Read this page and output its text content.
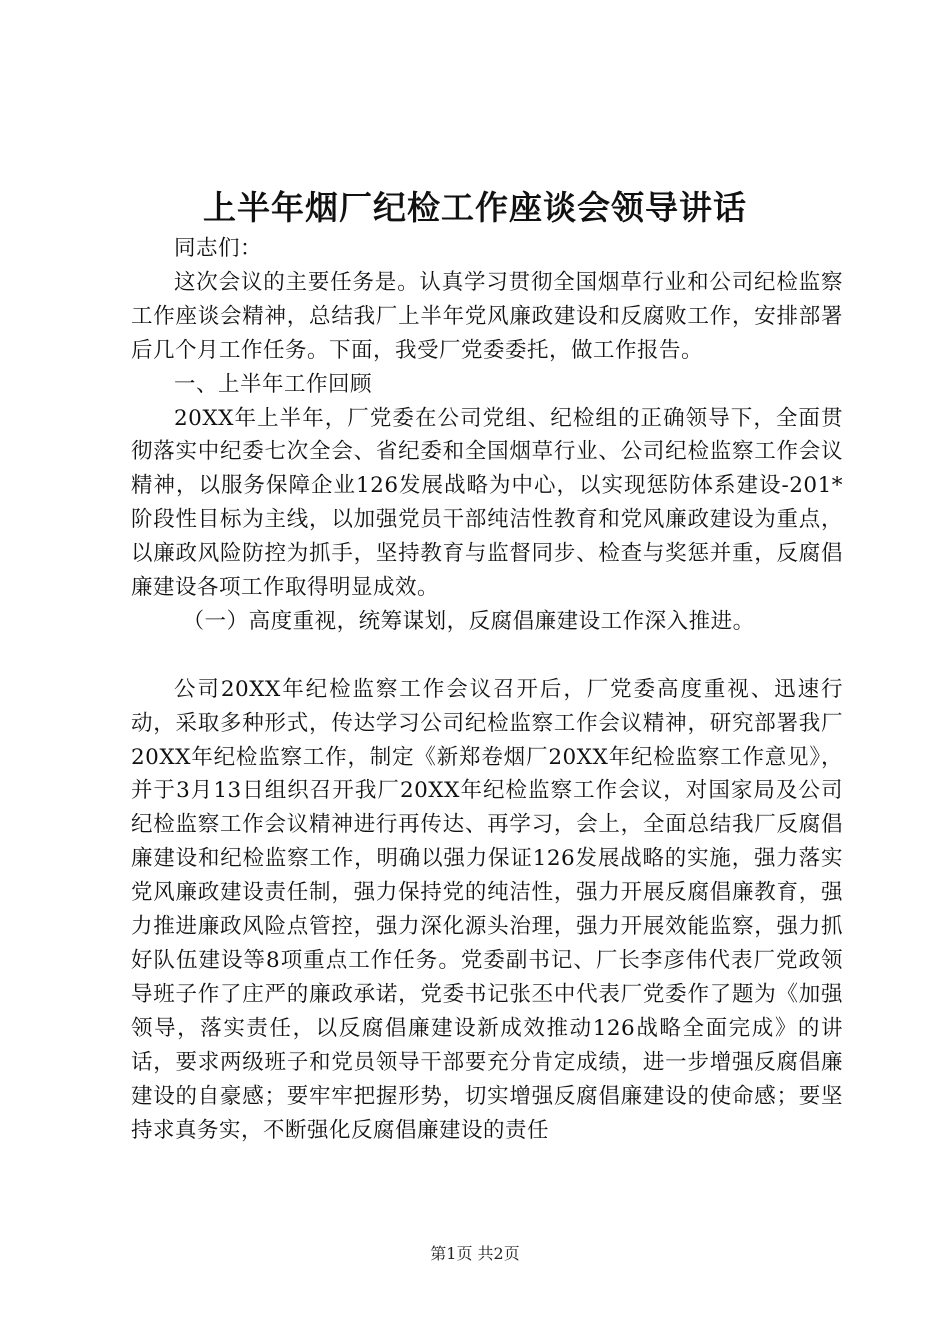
上半年烟厂纪检工作座谈会领导讲话

同志们：

这次会议的主要任务是。认真学习贯彻全国烟草行业和公司纪检监察工作座谈会精神，总结我厂上半年党风廉政建设和反腐败工作，安排部署后几个月工作任务。下面，我受厂党委委托，做工作报告。

一、上半年工作回顾

20XX年上半年，厂党委在公司党组、纪检组的正确领导下，全面贯彻落实中纪委七次全会、省纪委和全国烟草行业、公司纪检监察工作会议精神，以服务保障企业126发展战略为中心，以实现惩防体系建设-201*阶段性目标为主线，以加强党员干部纯洁性教育和党风廉政建设为重点，以廉政风险防控为抓手，坚持教育与监督同步、检查与奖惩并重，反腐倡廉建设各项工作取得明显成效。

（一）高度重视，统筹谋划，反腐倡廉建设工作深入推进。

公司20XX年纪检监察工作会议召开后，厂党委高度重视、迅速行动，采取多种形式，传达学习公司纪检监察工作会议精神，研究部署我厂20XX年纪检监察工作，制定《新郑卷烟厂20XX年纪检监察工作意见》，并于3月13日组织召开我厂20XX年纪检监察工作会议，对国家局及公司纪检监察工作会议精神进行再传达、再学习，会上，全面总结我厂反腐倡廉建设和纪检监察工作，明确以强力保证126发展战略的实施，强力落实党风廉政建设责任制，强力保持党的纯洁性，强力开展反腐倡廉教育，强力推进廉政风险点管控，强力深化源头治理，强力开展效能监察，强力抓好队伍建设等8项重点工作任务。党委副书记、厂长李彦伟代表厂党政领导班子作了庄严的廉政承诺，党委书记张丕中代表厂党委作了题为《加强领导，落实责任，以反腐倡廉建设新成效推动126战略全面完成》的讲话，要求两级班子和党员领导干部要充分肯定成绩，进一步增强反腐倡廉建设的自豪感；要牢牢把握形势，切实增强反腐倡廉建设的使命感；要坚持求真务实，不断强化反腐倡廉建设的责任

第1页 共2页
